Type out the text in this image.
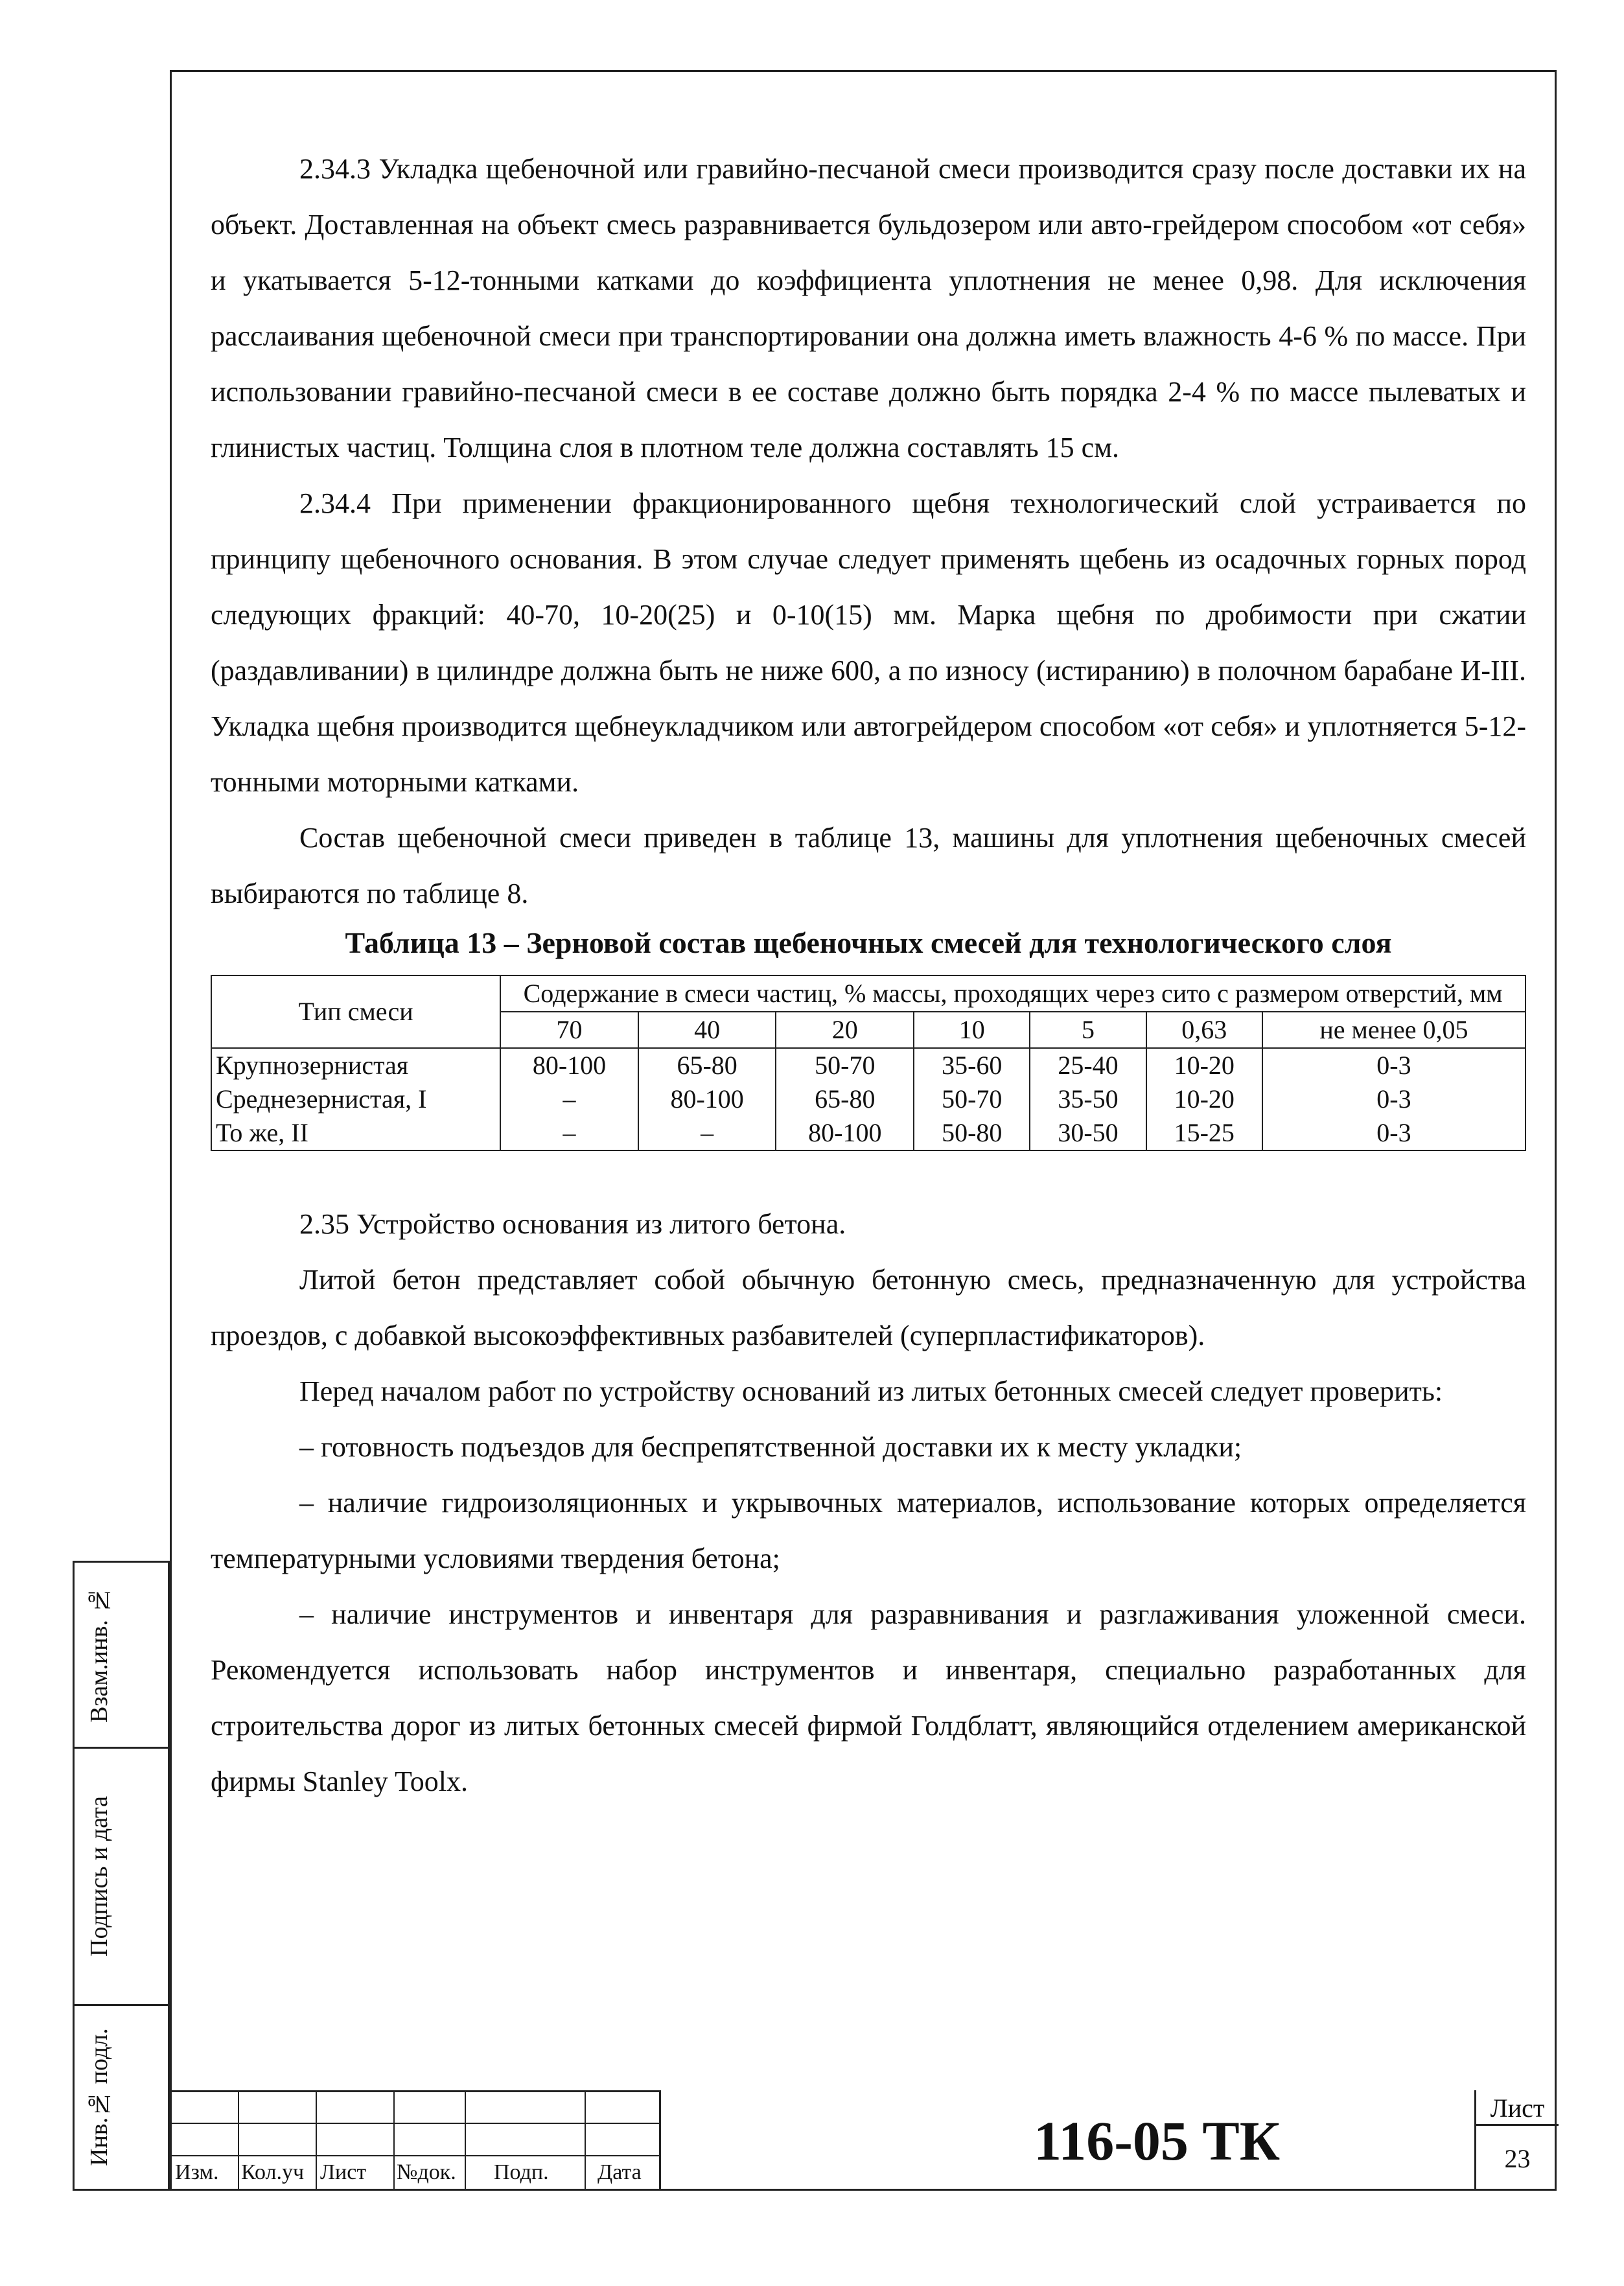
2.34.3 Укладка щебеночной или гравийно-песчаной смеси производится сразу после доставки их на объект. Доставленная на объект смесь разравнивается бульдозером или авто-грейдером способом «от себя» и укатывается 5-12-тонными катками до коэффициента уплотнения не менее 0,98. Для исключения расслаивания щебеночной смеси при транспортировании она должна иметь влажность 4-6 % по массе. При использовании гравийно-песчаной смеси в ее составе должно быть порядка 2-4 % по массе пылеватых и глинистых частиц. Толщина слоя в плотном теле должна составлять 15 см.

2.34.4 При применении фракционированного щебня технологический слой устраивается по принципу щебеночного основания. В этом случае следует применять щебень из осадочных горных пород следующих фракций: 40-70, 10-20(25) и 0-10(15) мм. Марка щебня по дробимости при сжатии (раздавливании) в цилиндре должна быть не ниже 600, а по износу (истиранию) в полочном барабане И-III. Укладка щебня производится щебнеукладчиком или автогрейдером способом «от себя» и уплотняется 5-12-тонными моторными катками.

Состав щебеночной смеси приведен в таблице 13, машины для уплотнения щебеночных смесей выбираются по таблице 8.

Таблица 13 – Зерновой состав щебеночных смесей для технологического слоя

Тип смеси	Содержание в смеси частиц, % массы, проходящих через сито с размером отверстий, мм						
	70	40	20	10	5	0,63	не менее 0,05
Крупнозернистая	80-100	65-80	50-70	35-60	25-40	10-20	0-3
Среднезернистая, I	–	80-100	65-80	50-70	35-50	10-20	0-3
То же, II	–	–	80-100	50-80	30-50	15-25	0-3

2.35 Устройство основания из литого бетона.

Литой бетон представляет собой обычную бетонную смесь, предназначенную для устройства проездов, с добавкой высокоэффективных разбавителей (суперпластификаторов).

Перед началом работ по устройству оснований из литых бетонных смесей следует проверить:

– готовность подъездов для беспрепятственной доставки их к месту укладки;

– наличие гидроизоляционных и укрывочных материалов, использование которых определяется температурными условиями твердения бетона;

– наличие инструментов и инвентаря для разравнивания и разглаживания уложенной смеси. Рекомендуется использовать набор инструментов и инвентаря, специально разработанных для строительства дорог из литых бетонных смесей фирмой Голдблатт, являющийся отделением американской фирмы Stanley Toolx.

Взам.инв. №
Подпись и дата
Инв.№ подл.
Изм. Кол.уч Лист №док. Подп. Дата
116-05 ТК
Лист
23
